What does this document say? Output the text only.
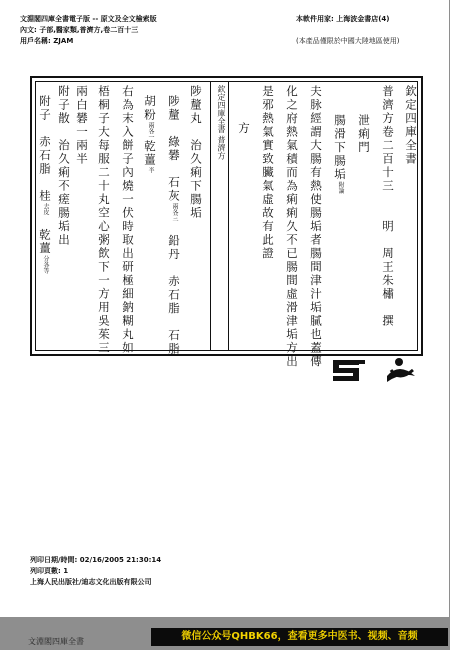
文淵閣四庫全書電子版 -- 原文及全文檢索版
內文: 子部,醫家類,普濟方,卷二百十三
用戶名稱: ZJAM
本軟件用家: 上海波金書店(4)
(本產品僅限於中國大陸地區使用)
欽定四庫全書
普濟方卷二百十三　　明　周王朱橚　撰
泄痢門
腸滑下腸垢附論
夫脉經謂大腸有熱使腸垢者腸間津汁垢膩也蓋傳
化之府熱氣積而為痢痢久不已腸間虛滑津垢方出
是邪熱氣實致臟氣虛故有此證
方
欽定四庫全書 普濟方
陟釐丸　治久痢下腸垢
陟釐　綠礬　石灰兩各三　鉛丹　赤石脂　石脂
胡粉兩各一乾薑半
右為末入餅子內燒一伏時取出研極細鈉糊丸如
梧桐子大每服二十丸空心粥飲下一方用吳茱三
兩白礬一兩半
附子散　治久痢不瘥腸垢出
附子　赤石脂　桂去皮　乾薑分各等
列印日期/時間: 02/16/2005 21:30:14
列印頁數: 1
上海人民出版社/迪志文化出版有限公司
文淵閣四庫全書	微信公众号QHBK66，查看更多中医书、视频、音频
